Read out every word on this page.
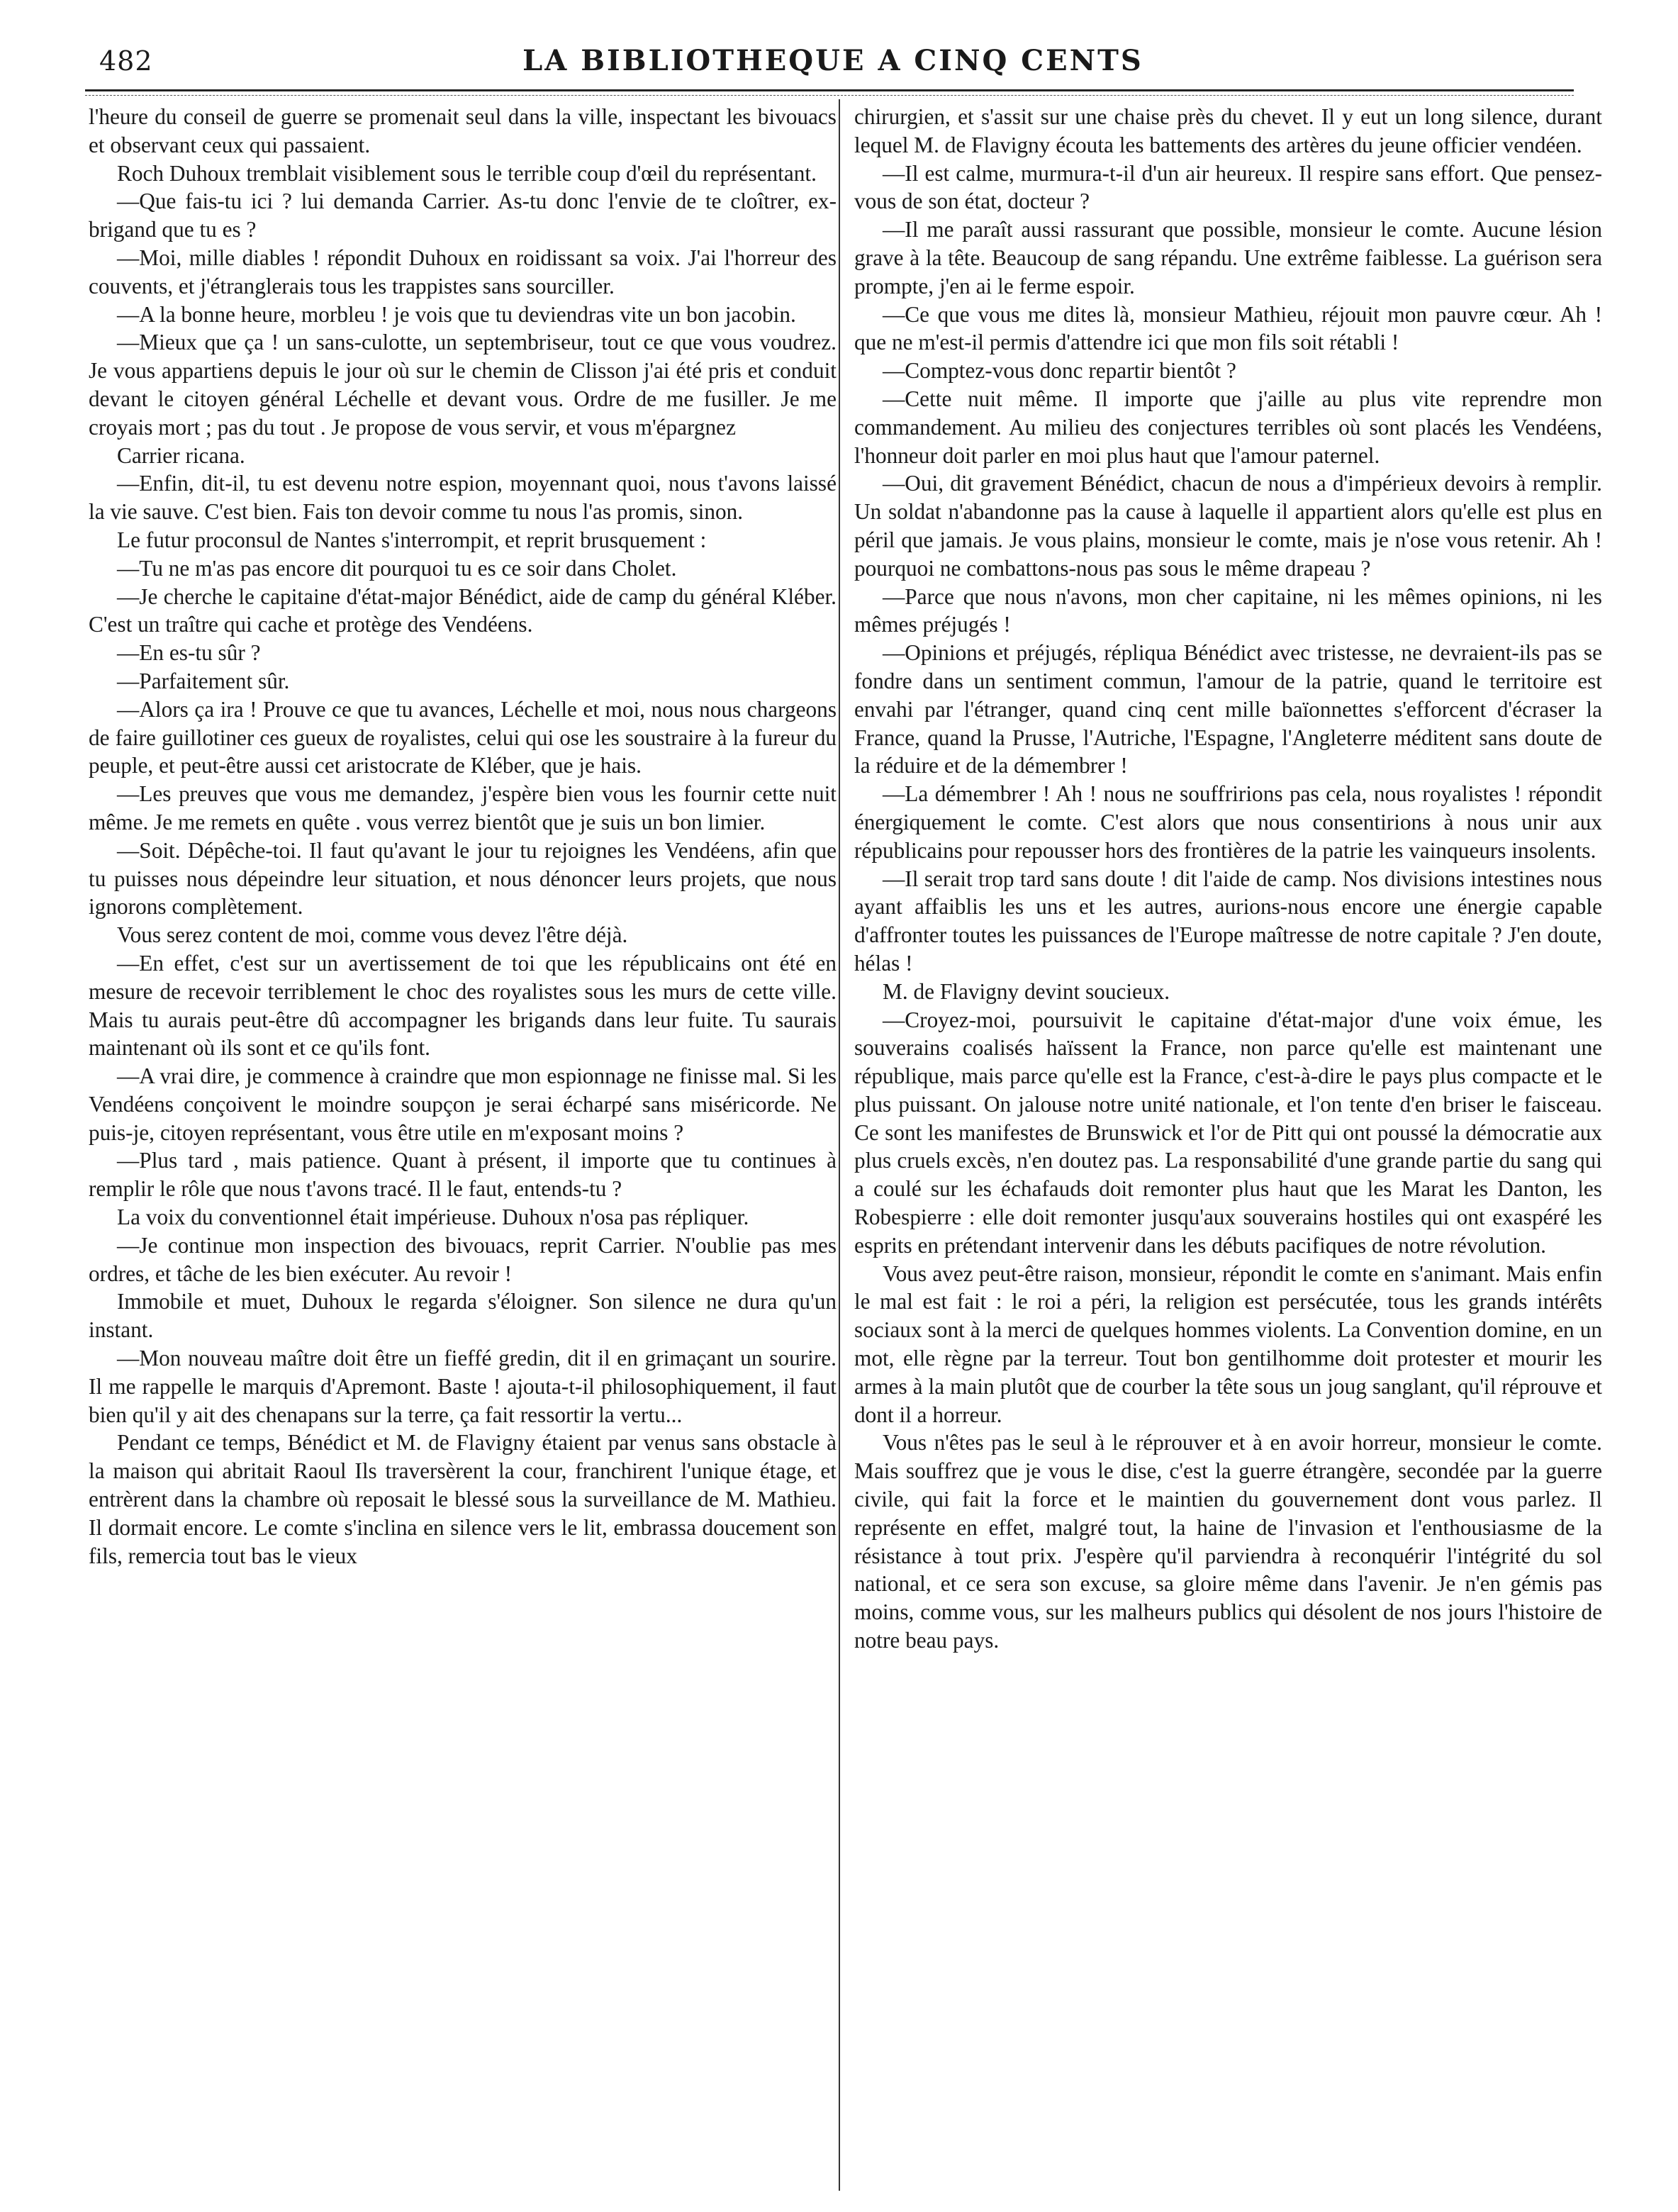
482	LA BIBLIOTHEQUE A CINQ CENTS

l'heure du conseil de guerre se promenait seul dans la ville, inspectant les bivouacs et observant ceux qui passaient.

Roch Duhoux tremblait visiblement sous le terrible coup d'œil du représentant.

—Que fais-tu ici ? lui demanda Carrier. As-tu donc l'envie de te cloîtrer, ex-brigand que tu es ?

—Moi, mille diables ! répondit Duhoux en roidissant sa voix. J'ai l'horreur des couvents, et j'étranglerais tous les trappistes sans sourciller.

—A la bonne heure, morbleu ! je vois que tu deviendras vite un bon jacobin.

—Mieux que ça ! un sans-culotte, un septembriseur, tout ce que vous voudrez. Je vous appartiens depuis le jour où sur le chemin de Clisson j'ai été pris et conduit devant le citoyen général Léchelle et devant vous. Ordre de me fusiller. Je me croyais mort ; pas du tout . Je propose de vous servir, et vous m'épargnez

Carrier ricana.

—Enfin, dit-il, tu est devenu notre espion, moyennant quoi, nous t'avons laissé la vie sauve. C'est bien. Fais ton devoir comme tu nous l'as promis, sinon.

Le futur proconsul de Nantes s'interrompit, et reprit brusquement :

—Tu ne m'as pas encore dit pourquoi tu es ce soir dans Cholet.

—Je cherche le capitaine d'état-major Bénédict, aide de camp du général Kléber. C'est un traître qui cache et protège des Vendéens.

—En es-tu sûr ?

—Parfaitement sûr.

—Alors ça ira ! Prouve ce que tu avances, Léchelle et moi, nous nous chargeons de faire guillotiner ces gueux de royalistes, celui qui ose les soustraire à la fureur du peuple, et peut-être aussi cet aristocrate de Kléber, que je hais.

—Les preuves que vous me demandez, j'espère bien vous les fournir cette nuit même. Je me remets en quête . vous verrez bientôt que je suis un bon limier.

—Soit. Dépêche-toi. Il faut qu'avant le jour tu rejoignes les Vendéens, afin que tu puisses nous dépeindre leur situation, et nous dénoncer leurs projets, que nous ignorons complètement.

Vous serez content de moi, comme vous devez l'être déjà.

—En effet, c'est sur un avertissement de toi que les républicains ont été en mesure de recevoir terriblement le choc des royalistes sous les murs de cette ville. Mais tu aurais peut-être dû accompagner les brigands dans leur fuite. Tu saurais maintenant où ils sont et ce qu'ils font.

—A vrai dire, je commence à craindre que mon espionnage ne finisse mal. Si les Vendéens conçoivent le moindre soupçon je serai écharpé sans miséricorde. Ne puis-je, citoyen représentant, vous être utile en m'exposant moins ?

—Plus tard , mais patience. Quant à présent, il importe que tu continues à remplir le rôle que nous t'avons tracé. Il le faut, entends-tu ?

La voix du conventionnel était impérieuse. Duhoux n'osa pas répliquer.

—Je continue mon inspection des bivouacs, reprit Carrier. N'oublie pas mes ordres, et tâche de les bien exécuter. Au revoir !

Immobile et muet, Duhoux le regarda s'éloigner. Son silence ne dura qu'un instant.

—Mon nouveau maître doit être un fieffé gredin, dit il en grimaçant un sourire. Il me rappelle le marquis d'Apremont. Baste ! ajouta-t-il philosophiquement, il faut bien qu'il y ait des chenapans sur la terre, ça fait ressortir la vertu...

Pendant ce temps, Bénédict et M. de Flavigny étaient par venus sans obstacle à la maison qui abritait Raoul Ils traversèrent la cour, franchirent l'unique étage, et entrèrent dans la chambre où reposait le blessé sous la surveillance de M. Mathieu. Il dormait encore. Le comte s'inclina en silence vers le lit, embrassa doucement son fils, remercia tout bas le vieux

chirurgien, et s'assit sur une chaise près du chevet. Il y eut un long silence, durant lequel M. de Flavigny écouta les battements des artères du jeune officier vendéen.

—Il est calme, murmura-t-il d'un air heureux. Il respire sans effort. Que pensez-vous de son état, docteur ?

—Il me paraît aussi rassurant que possible, monsieur le comte. Aucune lésion grave à la tête. Beaucoup de sang répandu. Une extrême faiblesse. La guérison sera prompte, j'en ai le ferme espoir.

—Ce que vous me dites là, monsieur Mathieu, réjouit mon pauvre cœur. Ah ! que ne m'est-il permis d'attendre ici que mon fils soit rétabli !

—Comptez-vous donc repartir bientôt ?

—Cette nuit même. Il importe que j'aille au plus vite reprendre mon commandement. Au milieu des conjectures terribles où sont placés les Vendéens, l'honneur doit parler en moi plus haut que l'amour paternel.

—Oui, dit gravement Bénédict, chacun de nous a d'impérieux devoirs à remplir. Un soldat n'abandonne pas la cause à laquelle il appartient alors qu'elle est plus en péril que jamais. Je vous plains, monsieur le comte, mais je n'ose vous retenir. Ah ! pourquoi ne combattons-nous pas sous le même drapeau ?

—Parce que nous n'avons, mon cher capitaine, ni les mêmes opinions, ni les mêmes préjugés !

—Opinions et préjugés, répliqua Bénédict avec tristesse, ne devraient-ils pas se fondre dans un sentiment commun, l'amour de la patrie, quand le territoire est envahi par l'étranger, quand cinq cent mille baïonnettes s'efforcent d'écraser la France, quand la Prusse, l'Autriche, l'Espagne, l'Angleterre méditent sans doute de la réduire et de la démembrer !

—La démembrer ! Ah ! nous ne souffririons pas cela, nous royalistes ! répondit énergiquement le comte. C'est alors que nous consentirions à nous unir aux républicains pour repousser hors des frontières de la patrie les vainqueurs insolents.

—Il serait trop tard sans doute ! dit l'aide de camp. Nos divisions intestines nous ayant affaiblis les uns et les autres, aurions-nous encore une énergie capable d'affronter toutes les puissances de l'Europe maîtresse de notre capitale ? J'en doute, hélas !

M. de Flavigny devint soucieux.

—Croyez-moi, poursuivit le capitaine d'état-major d'une voix émue, les souverains coalisés haïssent la France, non parce qu'elle est maintenant une république, mais parce qu'elle est la France, c'est-à-dire le pays plus compacte et le plus puissant. On jalouse notre unité nationale, et l'on tente d'en briser le faisceau. Ce sont les manifestes de Brunswick et l'or de Pitt qui ont poussé la démocratie aux plus cruels excès, n'en doutez pas. La responsabilité d'une grande partie du sang qui a coulé sur les échafauds doit remonter plus haut que les Marat les Danton, les Robespierre : elle doit remonter jusqu'aux souverains hostiles qui ont exaspéré les esprits en prétendant intervenir dans les débuts pacifiques de notre révolution.

Vous avez peut-être raison, monsieur, répondit le comte en s'animant. Mais enfin le mal est fait : le roi a péri, la religion est persécutée, tous les grands intérêts sociaux sont à la merci de quelques hommes violents. La Convention domine, en un mot, elle règne par la terreur. Tout bon gentilhomme doit protester et mourir les armes à la main plutôt que de courber la tête sous un joug sanglant, qu'il réprouve et dont il a horreur.

Vous n'êtes pas le seul à le réprouver et à en avoir horreur, monsieur le comte. Mais souffrez que je vous le dise, c'est la guerre étrangère, secondée par la guerre civile, qui fait la force et le maintien du gouvernement dont vous parlez. Il représente en effet, malgré tout, la haine de l'invasion et l'enthousiasme de la résistance à tout prix. J'espère qu'il parviendra à reconquérir l'intégrité du sol national, et ce sera son excuse, sa gloire même dans l'avenir. Je n'en gémis pas moins, comme vous, sur les malheurs publics qui désolent de nos jours l'histoire de notre beau pays.
